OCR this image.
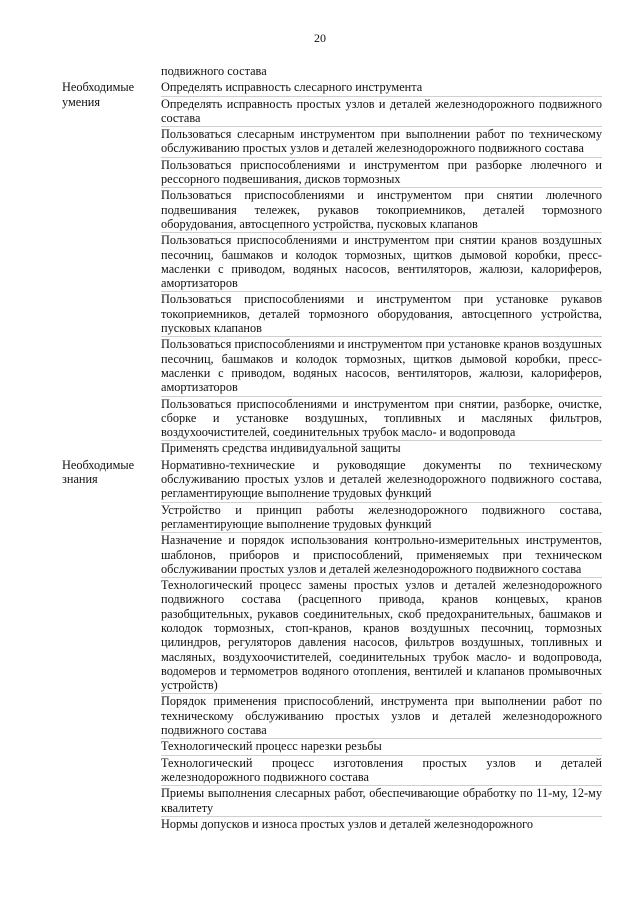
20
подвижного состава
Необходимые умения
Определять исправность слесарного инструмента
Определять исправность простых узлов и деталей железнодорожного подвижного состава
Пользоваться слесарным инструментом при выполнении работ по техническому обслуживанию простых узлов и деталей железнодорожного подвижного состава
Пользоваться приспособлениями и инструментом при разборке люлечного и рессорного подвешивания, дисков тормозных
Пользоваться приспособлениями и инструментом при снятии люлечного подвешивания тележек, рукавов токоприемников, деталей тормозного оборудования, автосцепного устройства, пусковых клапанов
Пользоваться приспособлениями и инструментом при снятии кранов воздушных песочниц, башмаков и колодок тормозных, щитков дымовой коробки, пресс-масленки с приводом, водяных насосов, вентиляторов, жалюзи, калориферов, амортизаторов
Пользоваться приспособлениями и инструментом при установке рукавов токоприемников, деталей тормозного оборудования, автосцепного устройства, пусковых клапанов
Пользоваться приспособлениями и инструментом при установке кранов воздушных песочниц, башмаков и колодок тормозных, щитков дымовой коробки, пресс-масленки с приводом, водяных насосов, вентиляторов, жалюзи, калориферов, амортизаторов
Пользоваться приспособлениями и инструментом при снятии, разборке, очистке, сборке и установке воздушных, топливных и масляных фильтров, воздухоочистителей, соединительных трубок масло- и водопровода
Применять средства индивидуальной защиты
Необходимые знания
Нормативно-технические и руководящие документы по техническому обслуживанию простых узлов и деталей железнодорожного подвижного состава, регламентирующие выполнение трудовых функций
Устройство и принцип работы железнодорожного подвижного состава, регламентирующие выполнение трудовых функций
Назначение и порядок использования контрольно-измерительных инструментов, шаблонов, приборов и приспособлений, применяемых при техническом обслуживании простых узлов и деталей железнодорожного подвижного состава
Технологический процесс замены простых узлов и деталей железнодорожного подвижного состава (расцепного привода, кранов концевых, кранов разобщительных, рукавов соединительных, скоб предохранительных, башмаков и колодок тормозных, стоп-кранов, кранов воздушных песочниц, тормозных цилиндров, регуляторов давления насосов, фильтров воздушных, топливных и масляных, воздухоочистителей, соединительных трубок масло- и водопровода, водомеров и термометров водяного отопления, вентилей и клапанов промывочных устройств)
Порядок применения приспособлений, инструмента при выполнении работ по техническому обслуживанию простых узлов и деталей железнодорожного подвижного состава
Технологический процесс нарезки резьбы
Технологический процесс изготовления простых узлов и деталей железнодорожного подвижного состава
Приемы выполнения слесарных работ, обеспечивающие обработку по 11-му, 12-му квалитету
Нормы допусков и износа простых узлов и деталей железнодорожного
